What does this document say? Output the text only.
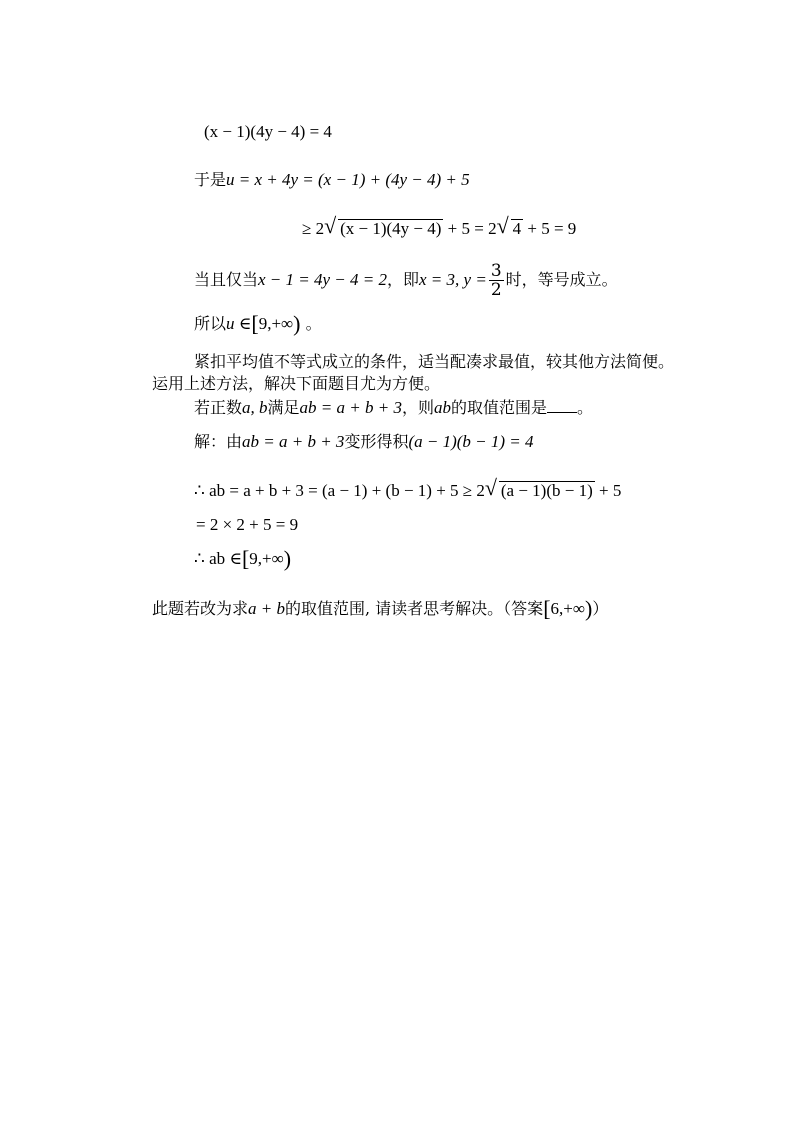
(x − 1)(4y − 4) = 4
于是u = x + 4y = (x − 1) + (4y − 4) + 5
≥ 2 √ (x − 1)(4y − 4) + 5 = 2 √ 4 + 5 = 9
当且仅当x − 1 = 4y − 4 = 2，即x = 3, $y = \frac{3}{2}$ 时，等号成立。
所以u ∈[9,+∞) 。
紧扣平均值不等式成立的条件，适当配凑求最值，较其他方法简便。
运用上述方法，解决下面题目尤为方便。
若正数a, b满足ab = a + b + 3，则ab的取值范围是 。
解：由ab = a + b + 3变形得积(a − 1)(b − 1) = 4
∴ ab = a + b + 3 = (a − 1) + (b − 1) + 5 ≥ 2 √ (a − 1)(b − 1) + 5
= 2 × 2 + 5 = 9
∴ ab ∈[9,+∞)
此题若改为求a + b的取值范围, 请读者思考解决。（答案[6,+∞)）
